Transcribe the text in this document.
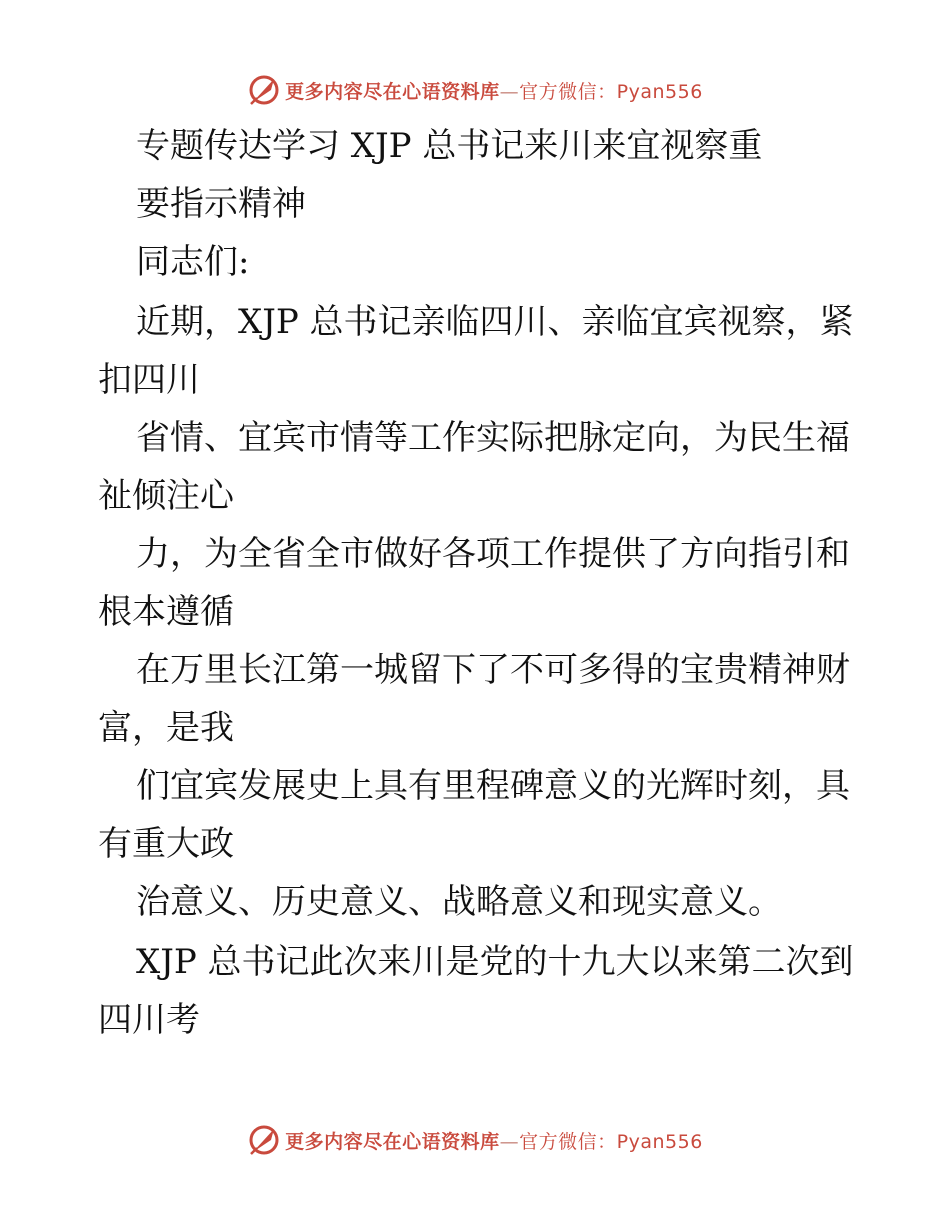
更多内容尽在心语资料库—官方微信：Pyan556
专题传达学习 XJP 总书记来川来宜视察重
要指示精神
同志们:
近期，XJP 总书记亲临四川、亲临宜宾视察，紧
扣四川
省情、宜宾市情等工作实际把脉定向，为民生福
祉倾注心
力，为全省全市做好各项工作提供了方向指引和
根本遵循
在万里长江第一城留下了不可多得的宝贵精神财
富，是我
们宜宾发展史上具有里程碑意义的光辉时刻，具
有重大政
治意义、历史意义、战略意义和现实意义。
XJP 总书记此次来川是党的十九大以来第二次到
四川考
更多内容尽在心语资料库—官方微信：Pyan556
